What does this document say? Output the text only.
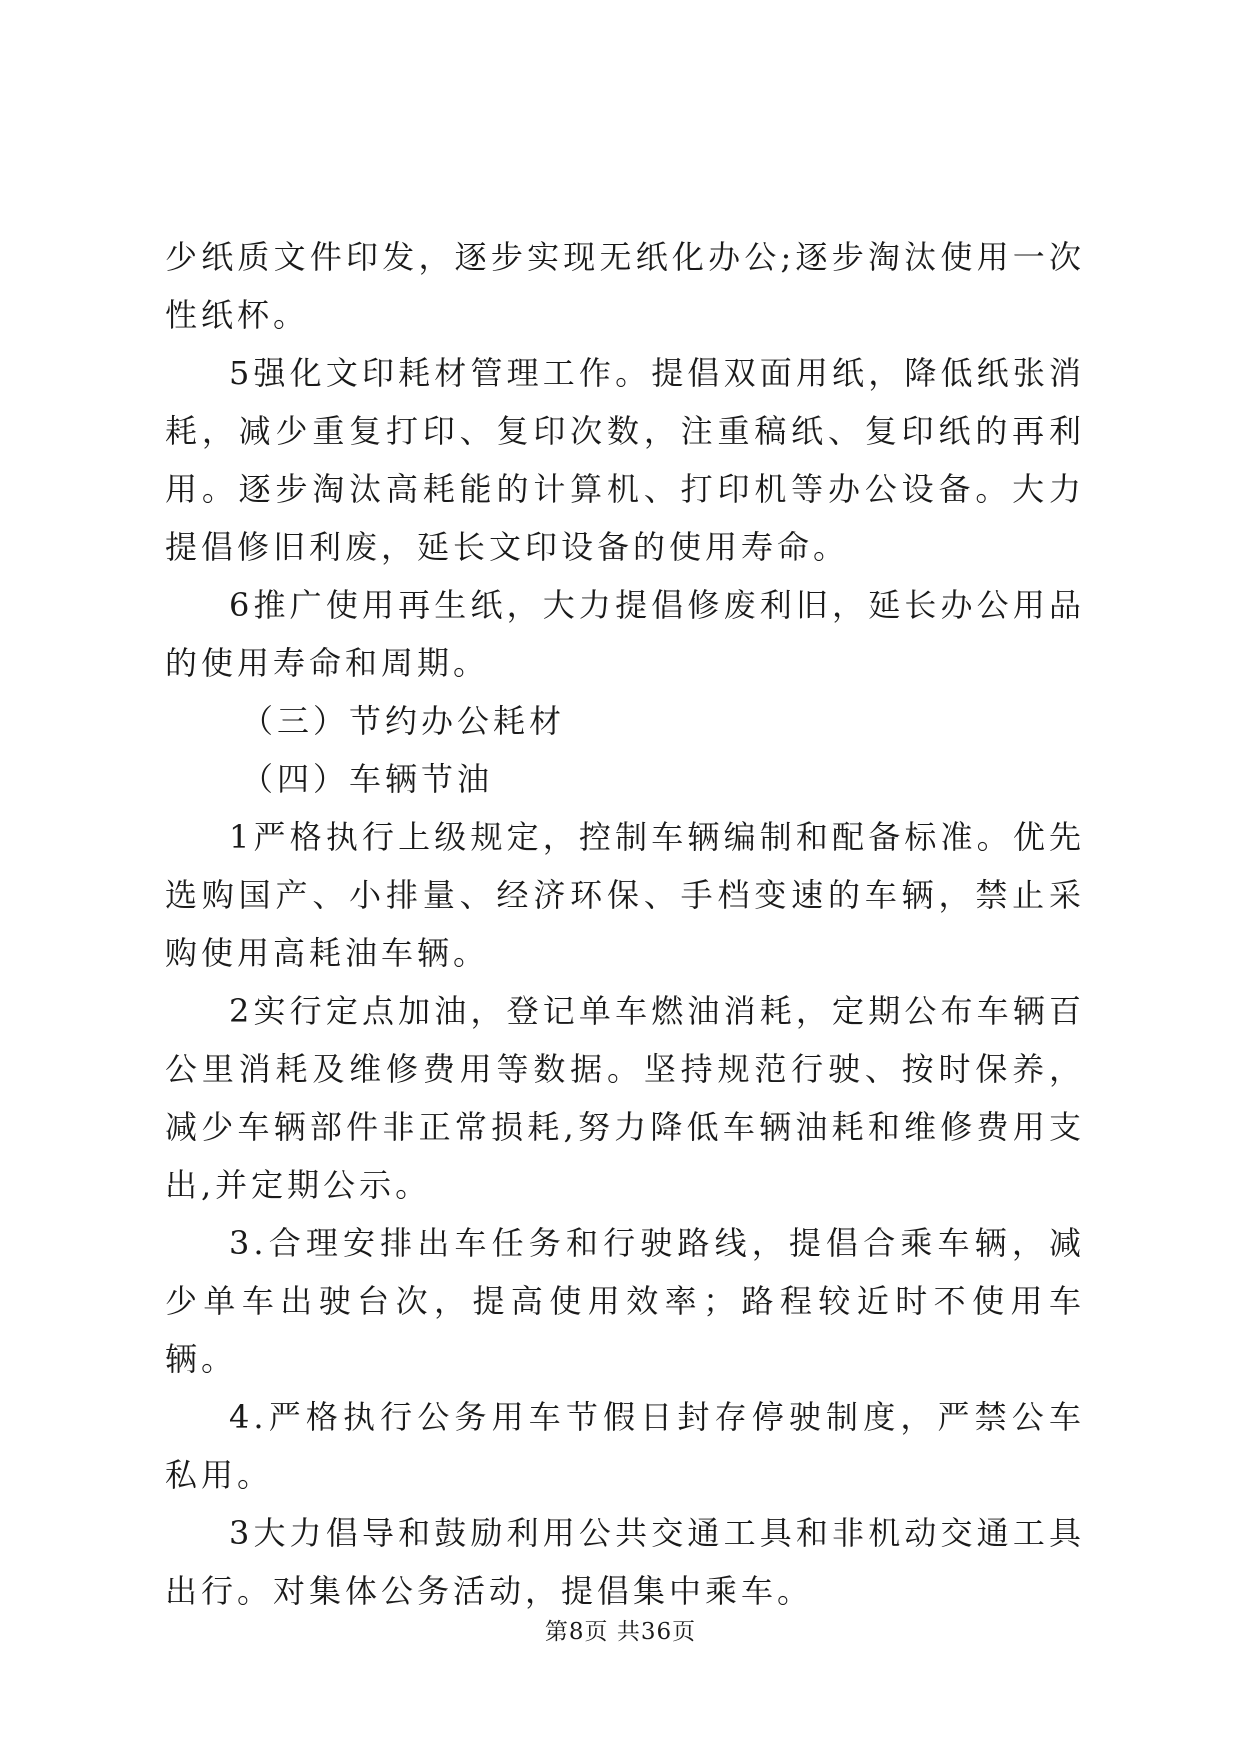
少纸质文件印发，逐步实现无纸化办公;逐步淘汰使用一次性纸杯。

5强化文印耗材管理工作。提倡双面用纸，降低纸张消耗，减少重复打印、复印次数，注重稿纸、复印纸的再利用。逐步淘汰高耗能的计算机、打印机等办公设备。大力提倡修旧利废，延长文印设备的使用寿命。

6推广使用再生纸，大力提倡修废利旧，延长办公用品的使用寿命和周期。

（三）节约办公耗材

（四）车辆节油

1严格执行上级规定，控制车辆编制和配备标准。优先选购国产、小排量、经济环保、手档变速的车辆，禁止采购使用高耗油车辆。

2实行定点加油，登记单车燃油消耗，定期公布车辆百公里消耗及维修费用等数据。坚持规范行驶、按时保养，减少车辆部件非正常损耗,努力降低车辆油耗和维修费用支出,并定期公示。

3.合理安排出车任务和行驶路线，提倡合乘车辆，减少单车出驶台次，提高使用效率；路程较近时不使用车辆。

4.严格执行公务用车节假日封存停驶制度，严禁公车私用。

3大力倡导和鼓励利用公共交通工具和非机动交通工具出行。对集体公务活动，提倡集中乘车。

第8页 共36页
